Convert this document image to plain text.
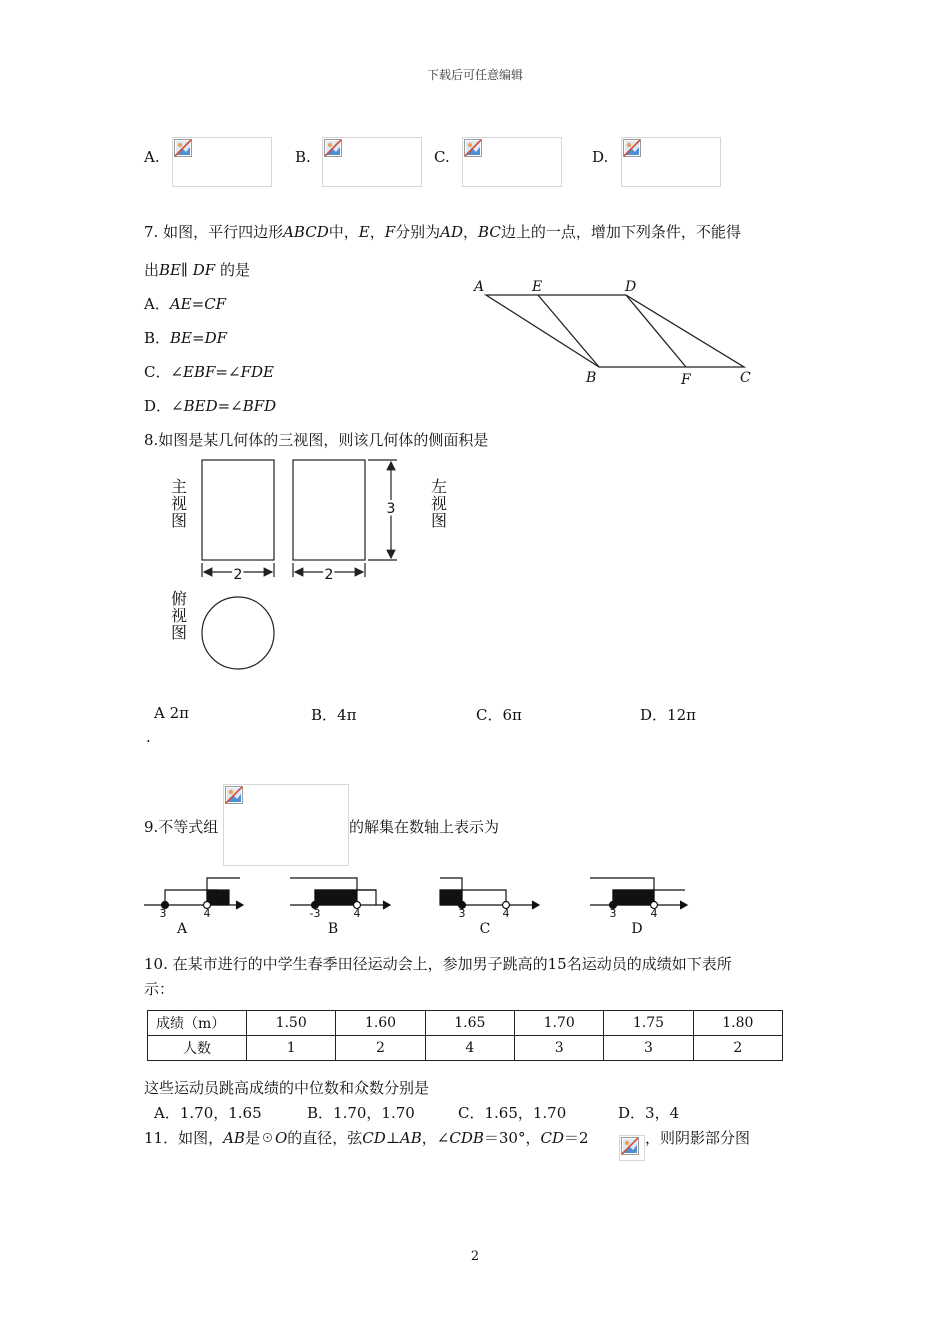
下载后可任意编辑
A.	B.	C.	D.
7. 如图，平行四边形ABCD中，E，F分别为AD，BC边上的一点，增加下列条件，不能得
出BE∥ DF 的是
A．AE=CF
B．BE=DF
C．∠EBF=∠FDE
D．∠BED=∠BFD
A	E	D
B	F	C
8.如图是某几何体的三视图，则该几何体的侧面积是
主
视
图
左
视
图
俯
视
图
2	2
3
A 2π	B．4π	C．6π	D．12π
.
9.不等式组	的解集在数轴上表示为
3	4	-3	4	3	4	3	4
A	B	C	D
10. 在某市进行的中学生春季田径运动会上，参加男子跳高的15名运动员的成绩如下表所
示：
成绩（m）	1.50	1.60	1.65	1.70	1.75	1.80
人数	1	2	4	3	3	2
这些运动员跳高成绩的中位数和众数分别是
A．1.70，1.65	B．1.70，1.70	C．1.65，1.70	D．3，4
11．如图，AB是☉O的直径，弦CD⊥AB，∠CDB＝30°，CD＝2	，则阴影部分图
2
